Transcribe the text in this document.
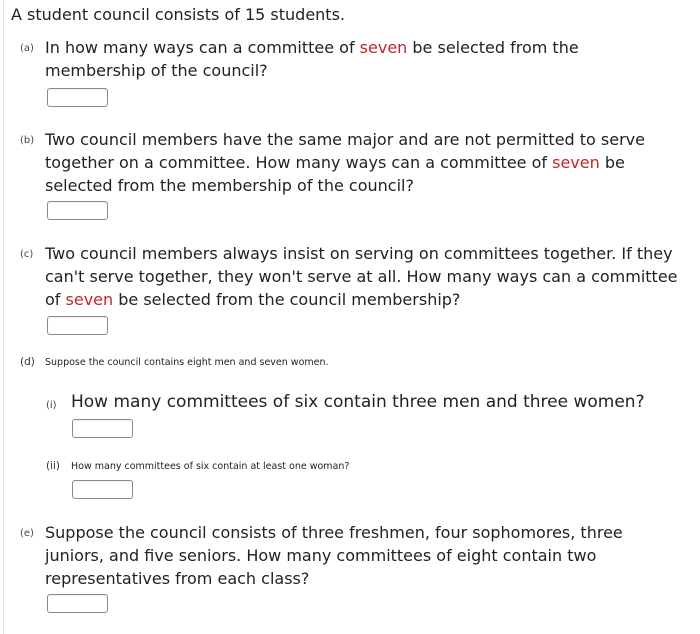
A student council consists of 15 students.
(a) In how many ways can a committee of seven be selected from the
membership of the council?
(b) Two council members have the same major and are not permitted to serve
together on a committee. How many ways can a committee of seven be
selected from the membership of the council?
(c) Two council members always insist on serving on committees together. If they
can't serve together, they won't serve at all. How many ways can a committee
of seven be selected from the council membership?
(d) Suppose the council contains eight men and seven women.
(i) How many committees of six contain three men and three women?
(ii) How many committees of six contain at least one woman?
(e) Suppose the council consists of three freshmen, four sophomores, three
juniors, and five seniors. How many committees of eight contain two
representatives from each class?
